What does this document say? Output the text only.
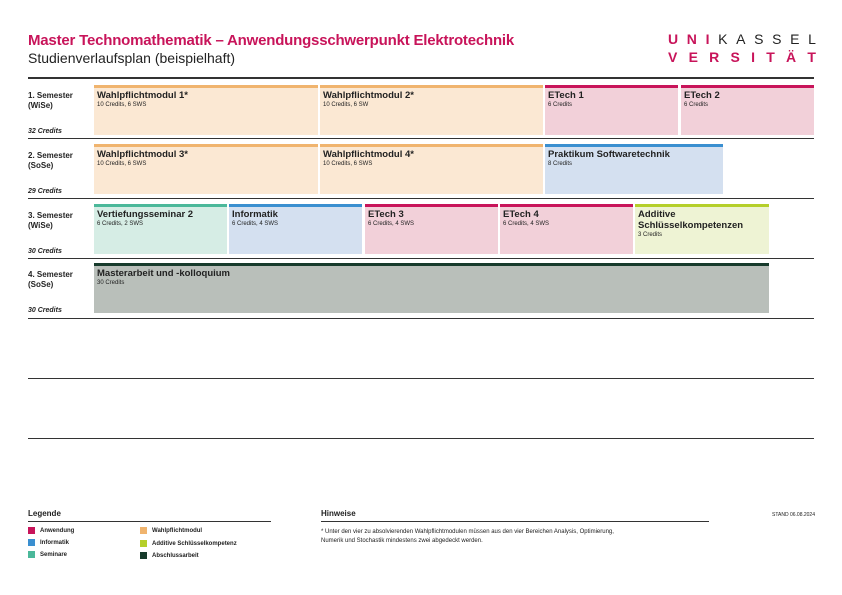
Master Technomathematik – Anwendungsschwerpunkt Elektrotechnik
Studienverlaufsplan (beispielhaft)
U N I K A S S E L
V E R S I T Ä T
1. Semester
(WiSe)
32 Credits
2. Semester
(SoSe)
29 Credits
3. Semester
(WiSe)
30 Credits
4. Semester
(SoSe)
30 Credits
Wahlpflichtmodul 1*
10 Credits, 6 SWS
Wahlpflichtmodul 2*
10 Credits, 6 SW
ETech 1
6 Credits
ETech 2
6 Credits
Wahlpflichtmodul 3*
10 Credits, 6 SWS
Wahlpflichtmodul 4*
10 Credits, 6 SWS
Praktikum Softwaretechnik
8 Credits
Vertiefungsseminar 2
6 Credits, 2 SWS
Informatik
6 Credits, 4 SWS
ETech 3
6 Credits, 4 SWS
ETech 4
6 Credits, 4 SWS
Additive Schlüsselkompetenzen
3 Credits
Masterarbeit und -kolloquium
30 Credits
Legende
Anwendung
Informatik
Seminare
Wahlpflichtmodul
Additive Schlüsselkompetenz
Abschlussarbeit
Hinweise
* Unter den vier zu absolvierenden Wahlpflichtmodulen müssen aus den vier Bereichen Analysis, Optimierung, Numerik und Stochastik mindestens zwei abgedeckt werden.
STAND 06.08.2024
